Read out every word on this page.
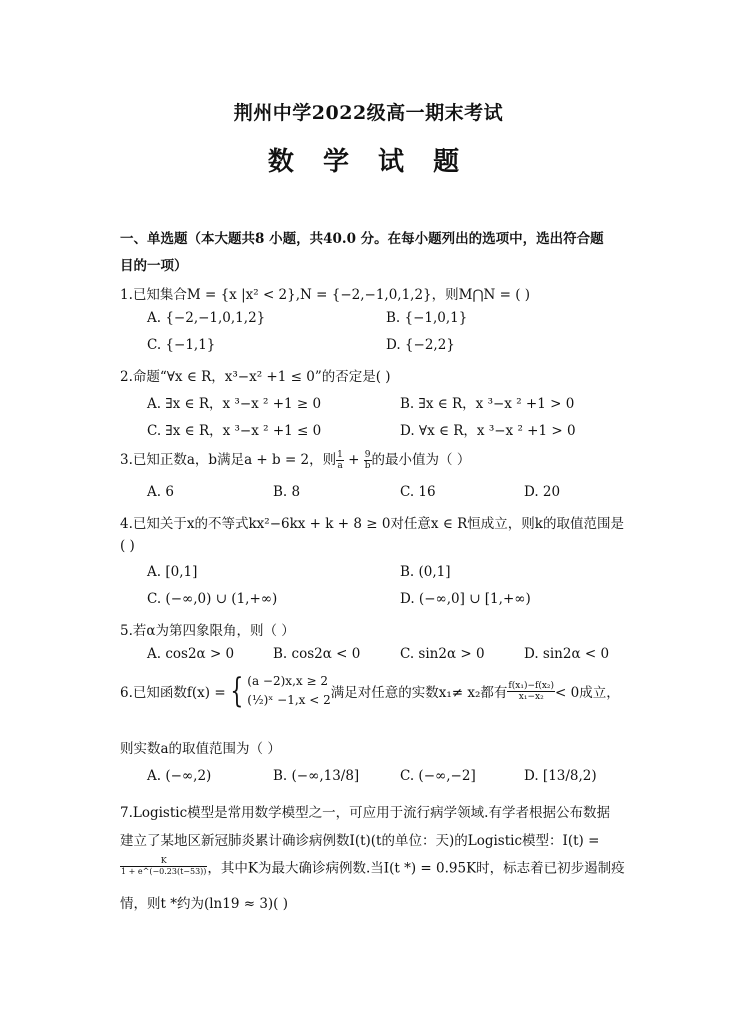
荆州中学2022级高一期末考试
数 学 试 题
一、单选题（本大题共8 小题，共40.0 分。在每小题列出的选项中，选出符合题
目的一项）
1.已知集合M = {x |x² < 2},N = {−2,−1,0,1,2}，则M⋂N = ( )
A. {−2,−1,0,1,2}	B. {−1,0,1}
C. {−1,1}	D. {−2,2}
2.命题“∀x ∈ R，x³−x² +1 ≤ 0”的否定是( )
A. ∃x ∈ R，x ³−x ² +1 ≥ 0	B. ∃x ∈ R，x ³−x ² +1 > 0
C. ∃x ∈ R，x ³−x ² +1 ≤ 0	D. ∀x ∈ R，x ³−x ² +1 > 0
3.已知正数a，b满足a + b = 2，则 $\frac{1}{a} + \frac{9}{b}$ 的最小值为（ ）
A. 6	B. 8	C. 16	D. 20
4.已知关于x的不等式kx²−6kx + k + 8 ≥ 0对任意x ∈ R恒成立，则k的取值范围是
( )
A. [0,1]	B. (0,1]
C. (−∞,0) ∪ (1,+∞)	D. (−∞,0] ∪ [1,+∞)
5.若α为第四象限角，则（ ）
A. cos2α > 0	B. cos2α < 0	C. sin2α > 0	D. sin2α < 0
6.已知函数f(x) = { (a −2)x,x ≥ 2
(½)ˣ −1,x < 2 满足对任意的实数x₁≠ x₂都有 $\frac{\text{f(x₁)−f(x₂)}}{\text{x₁−x₂}} < 0$成立，
则实数a的取值范围为（ ）
A. (−∞,2)	B. (−∞,13/8]	C. (−∞,−2]	D. [13/8,2)
7.Logistic模型是常用数学模型之一，可应用于流行病学领域.有学者根据公布数据
建立了某地区新冠肺炎累计确诊病例数I(t)(t的单位：天)的Logistic模型：I(t) =
$\frac{K}{1 + e\^{}(-0.23(t-53))}$ ，其中K为最大确诊病例数.当I(t *) = 0.95K时，标志着已初步遏制疫
情，则t *约为(ln19 ≈ 3)( )
